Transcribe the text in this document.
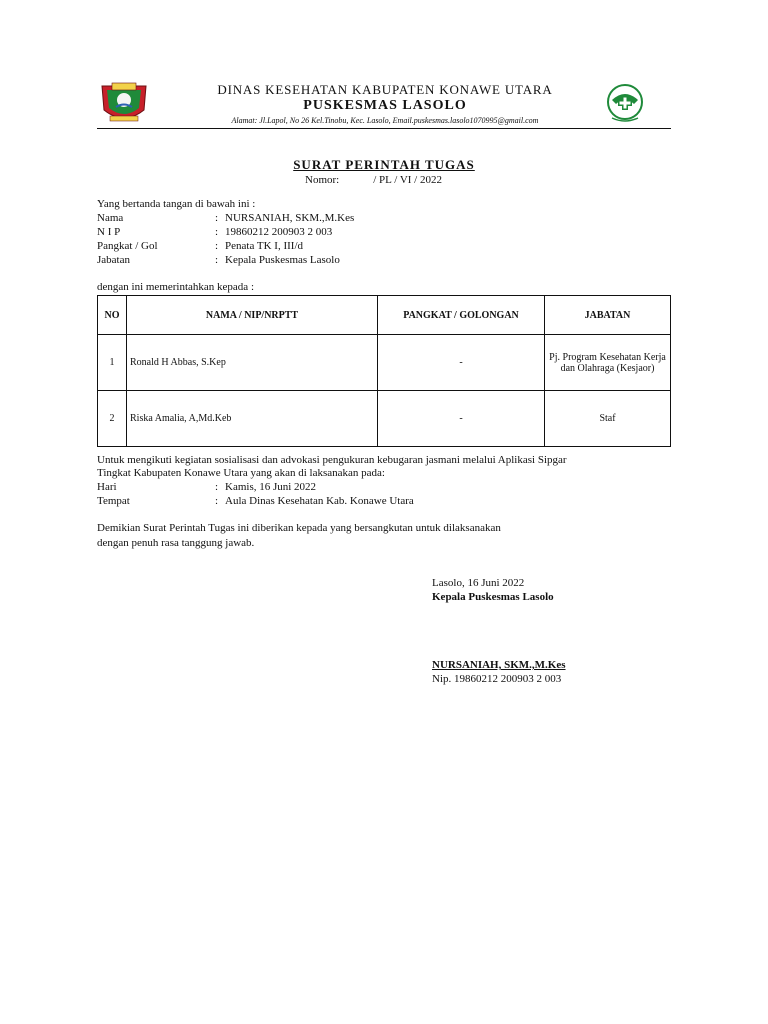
DINAS KESEHATAN KABUPATEN KONAWE UTARA
PUSKESMAS LASOLO
Alamat: Jl.Lapol, No 26 Kel.Tinobu, Kec. Lasolo, Email.puskesmas.lasolo1070995@gmail.com
SURAT PERINTAH TUGAS
Nomor:	/ PL / VI / 2022
Yang bertanda tangan di bawah ini :
Nama	: NURSANIAH, SKM.,M.Kes
N I P	: 19860212 200903 2 003
Pangkat / Gol	: Penata TK I, III/d
Jabatan	: Kepala Puskesmas Lasolo
dengan ini memerintahkan kepada :
NO	NAMA / NIP/NRPTT	PANGKAT / GOLONGAN	JABATAN
1	Ronald H Abbas, S.Kep	-	Pj. Program Kesehatan Kerja dan Olahraga (Kesjaor)
2	Riska Amalia, A,Md.Keb	-	Staf
Untuk mengikuti kegiatan sosialisasi dan advokasi pengukuran kebugaran jasmani melalui Aplikasi Sipgar
Tingkat Kabupaten Konawe Utara yang akan di laksanakan pada:
Hari	: Kamis, 16 Juni 2022
Tempat	: Aula Dinas Kesehatan Kab. Konawe Utara
Demikian Surat Perintah Tugas ini diberikan kepada yang bersangkutan untuk dilaksanakan
dengan penuh rasa tanggung jawab.
Lasolo, 16 Juni 2022
Kepala Puskesmas Lasolo
NURSANIAH, SKM.,M.Kes
Nip. 19860212 200903 2 003
